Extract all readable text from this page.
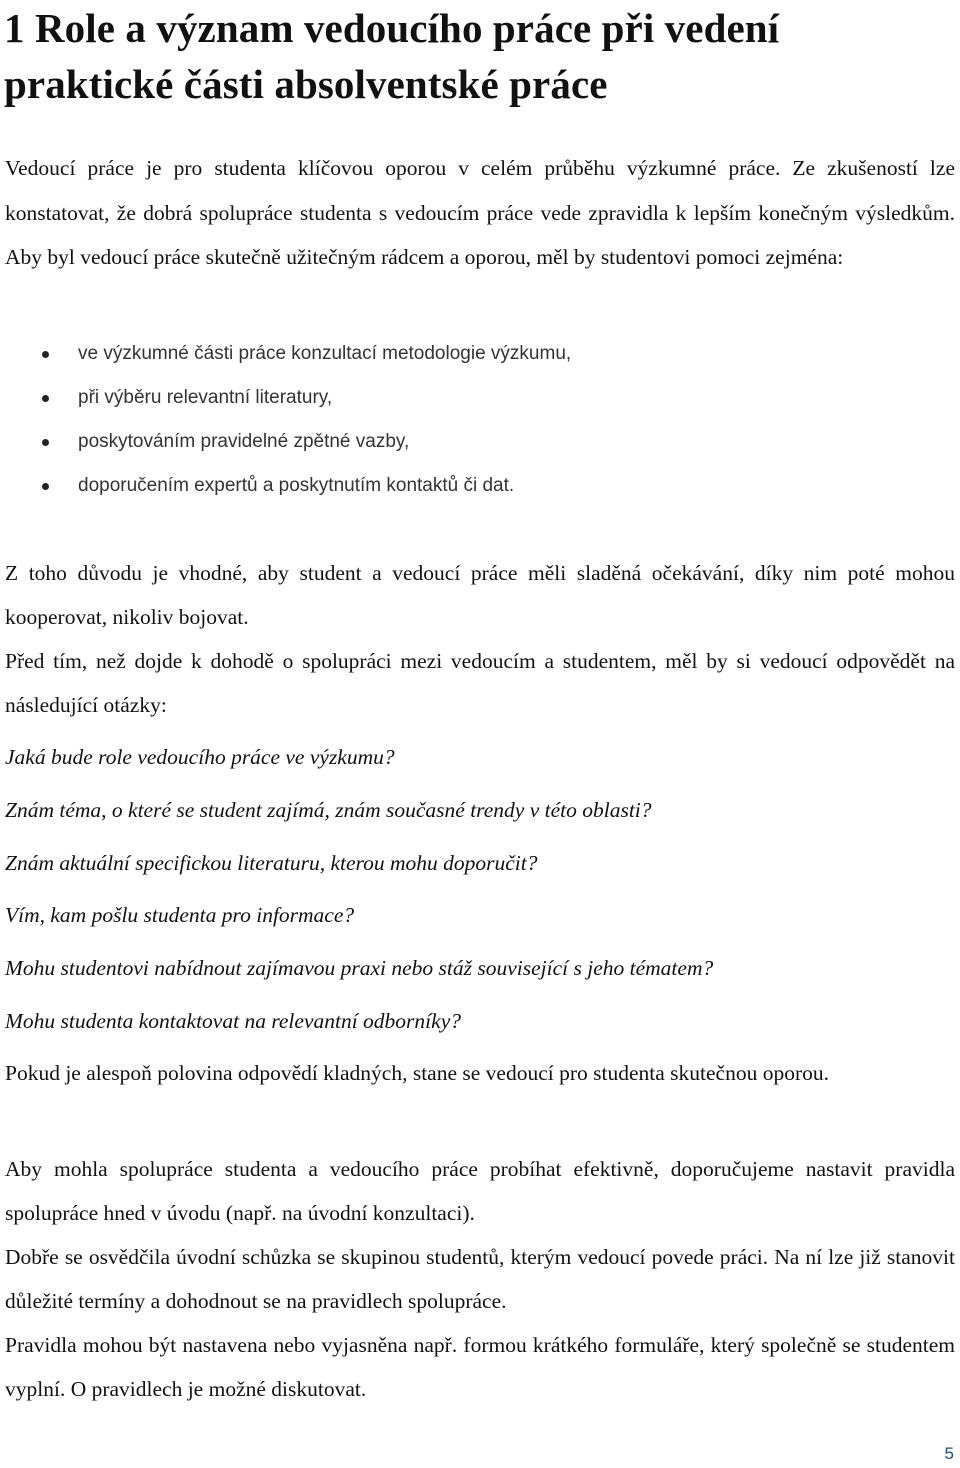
1 Role a význam vedoucího práce při vedení praktické části absolventské práce

Vedoucí práce je pro studenta klíčovou oporou v celém průběhu výzkumné práce. Ze zkušeností lze konstatovat, že dobrá spolupráce studenta s vedoucím práce vede zpravidla k lepším konečným výsledkům. Aby byl vedoucí práce skutečně užitečným rádcem a oporou, měl by studentovi pomoci zejména:

ve výzkumné části práce konzultací metodologie výzkumu,
při výběru relevantní literatury,
poskytováním pravidelné zpětné vazby,
doporučením expertů a poskytnutím kontaktů či dat.

Z toho důvodu je vhodné, aby student a vedoucí práce měli sladěná očekávání, díky nim poté mohou kooperovat, nikoliv bojovat.

Před tím, než dojde k dohodě o spolupráci mezi vedoucím a studentem, měl by si vedoucí odpovědět na následující otázky:

Jaká bude role vedoucího práce ve výzkumu?

Znám téma, o které se student zajímá, znám současné trendy v této oblasti?

Znám aktuální specifickou literaturu, kterou mohu doporučit?

Vím, kam pošlu studenta pro informace?

Mohu studentovi nabídnout zajímavou praxi nebo stáž související s jeho tématem?

Mohu studenta kontaktovat na relevantní odborníky?

Pokud je alespoň polovina odpovědí kladných, stane se vedoucí pro studenta skutečnou oporou.

Aby mohla spolupráce studenta a vedoucího práce probíhat efektivně, doporučujeme nastavit pravidla spolupráce hned v úvodu (např. na úvodní konzultaci).

Dobře se osvědčila úvodní schůzka se skupinou studentů, kterým vedoucí povede práci. Na ní lze již stanovit důležité termíny a dohodnout se na pravidlech spolupráce.

Pravidla mohou být nastavena nebo vyjasněna např. formou krátkého formuláře, který společně se studentem vyplní. O pravidlech je možné diskutovat.

5
